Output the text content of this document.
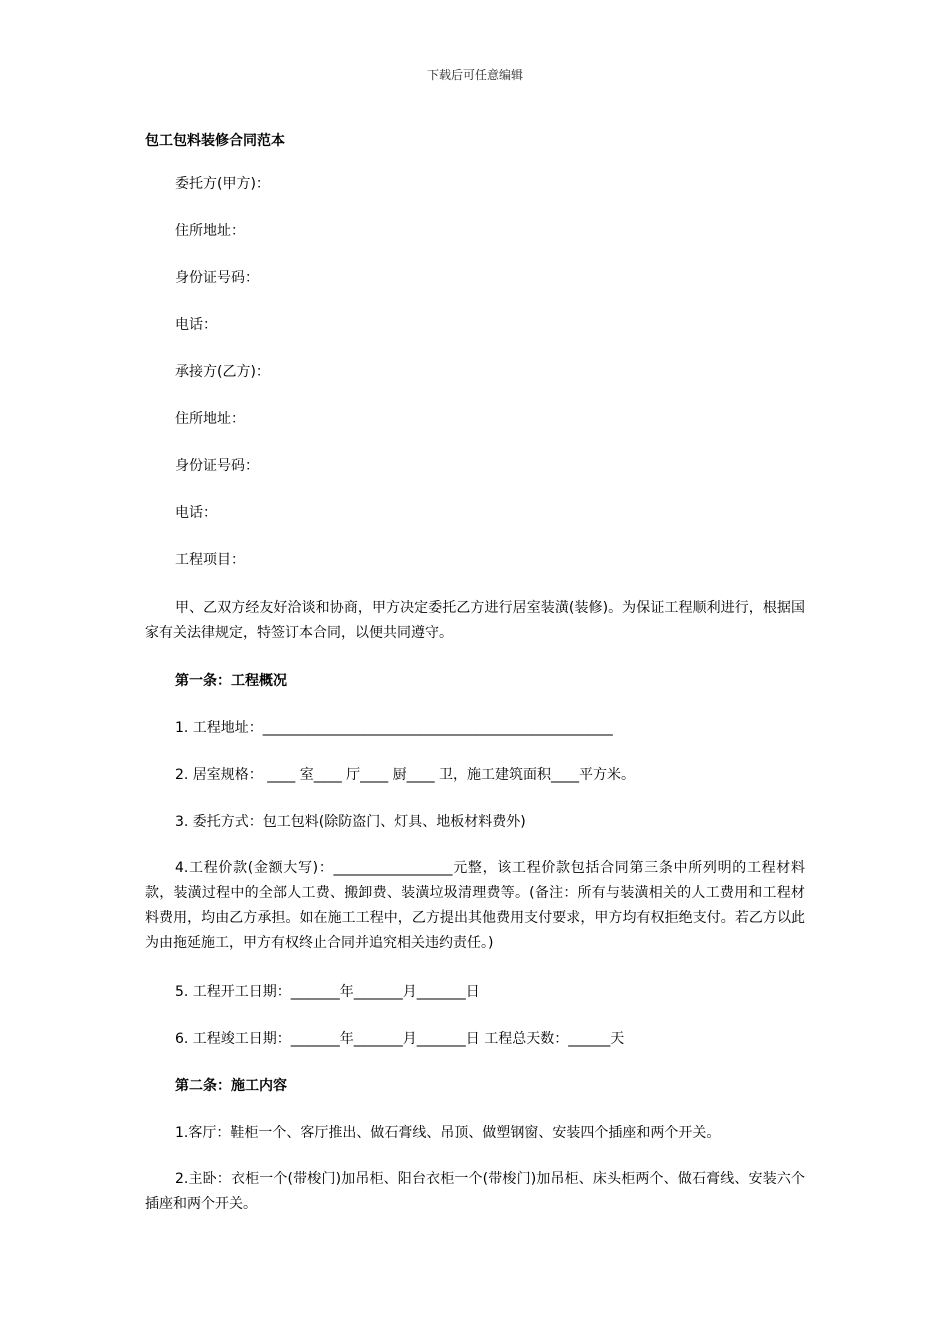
下载后可任意编辑
包工包料装修合同范本
委托方(甲方)：
住所地址：
身份证号码：
电话：
承接方(乙方)：
住所地址：
身份证号码：
电话：
工程项目：
甲、乙双方经友好洽谈和协商，甲方决定委托乙方进行居室装潢(装修)。为保证工程顺利进行，根据国家有关法律规定，特签订本合同，以便共同遵守。
第一条：工程概况
1. 工程地址：__________________________________________________
2. 居室规格： ____ 室____ 厅____ 厨____ 卫，施工建筑面积____平方米。
3. 委托方式：包工包料(除防盗门、灯具、地板材料费外)
4.工程价款(金额大写)：_________________元整，该工程价款包括合同第三条中所列明的工程材料款，装潢过程中的全部人工费、搬卸费、装潢垃圾清理费等。(备注：所有与装潢相关的人工费用和工程材料费用，均由乙方承担。如在施工工程中，乙方提出其他费用支付要求，甲方均有权拒绝支付。若乙方以此为由拖延施工，甲方有权终止合同并追究相关违约责任。)
5. 工程开工日期：_______年_______月_______日
6. 工程竣工日期：_______年_______月_______日 工程总天数：______天
第二条：施工内容
1.客厅：鞋柜一个、客厅推出、做石膏线、吊顶、做塑钢窗、安装四个插座和两个开关。
2.主卧：衣柜一个(带梭门)加吊柜、阳台衣柜一个(带梭门)加吊柜、床头柜两个、做石膏线、安装六个插座和两个开关。
